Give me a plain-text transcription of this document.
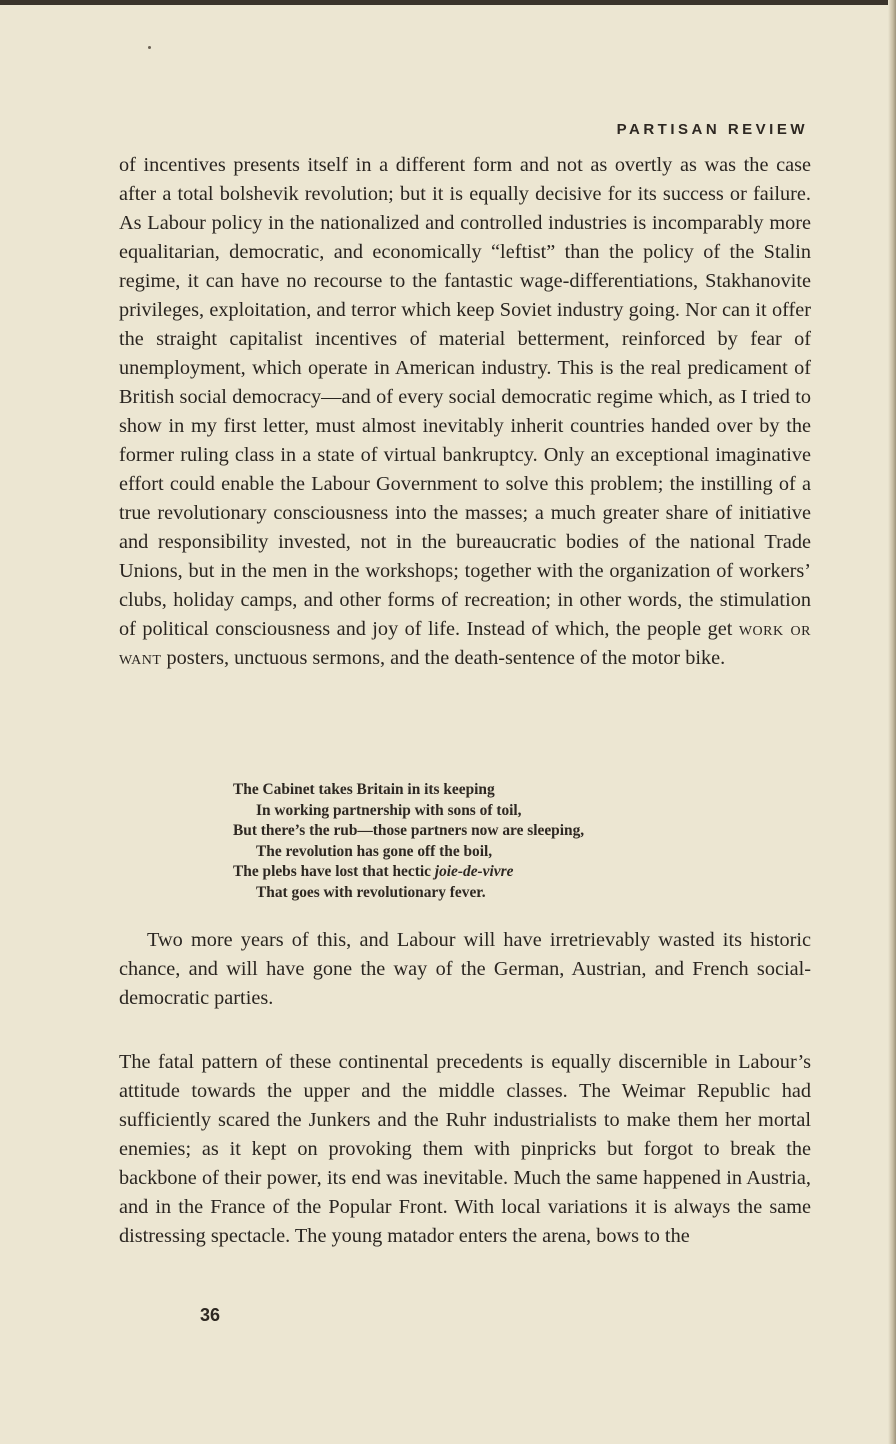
PARTISAN REVIEW

of incentives presents itself in a different form and not as overtly as was the case after a total bolshevik revolution; but it is equally decisive for its success or failure. As Labour policy in the nationalized and controlled industries is incomparably more equalitarian, democratic, and economically “leftist” than the policy of the Stalin regime, it can have no recourse to the fantastic wage-differentiations, Stakhanovite privileges, exploitation, and terror which keep Soviet industry going. Nor can it offer the straight capitalist incentives of material betterment, reinforced by fear of unemployment, which operate in American industry. This is the real predicament of British social democracy—and of every social democratic regime which, as I tried to show in my first letter, must almost inevitably inherit countries handed over by the former ruling class in a state of virtual bankruptcy. Only an exceptional imaginative effort could enable the Labour Government to solve this problem; the instilling of a true revolutionary consciousness into the masses; a much greater share of initiative and responsibility invested, not in the bureaucratic bodies of the national Trade Unions, but in the men in the workshops; together with the organization of workers’ clubs, holiday camps, and other forms of recreation; in other words, the stimulation of political consciousness and joy of life. Instead of which, the people get work or want posters, unctuous sermons, and the death-sentence of the motor bike.

The Cabinet takes Britain in its keeping
In working partnership with sons of toil,
But there’s the rub—those partners now are sleeping,
The revolution has gone off the boil,
The plebs have lost that hectic joie-de-vivre
That goes with revolutionary fever.

Two more years of this, and Labour will have irretrievably wasted its historic chance, and will have gone the way of the German, Austrian, and French social-democratic parties.

The fatal pattern of these continental precedents is equally discernible in Labour’s attitude towards the upper and the middle classes. The Weimar Republic had sufficiently scared the Junkers and the Ruhr industrialists to make them her mortal enemies; as it kept on provoking them with pinpricks but forgot to break the backbone of their power, its end was inevitable. Much the same happened in Austria, and in the France of the Popular Front. With local variations it is always the same distressing spectacle. The young matador enters the arena, bows to the

36
